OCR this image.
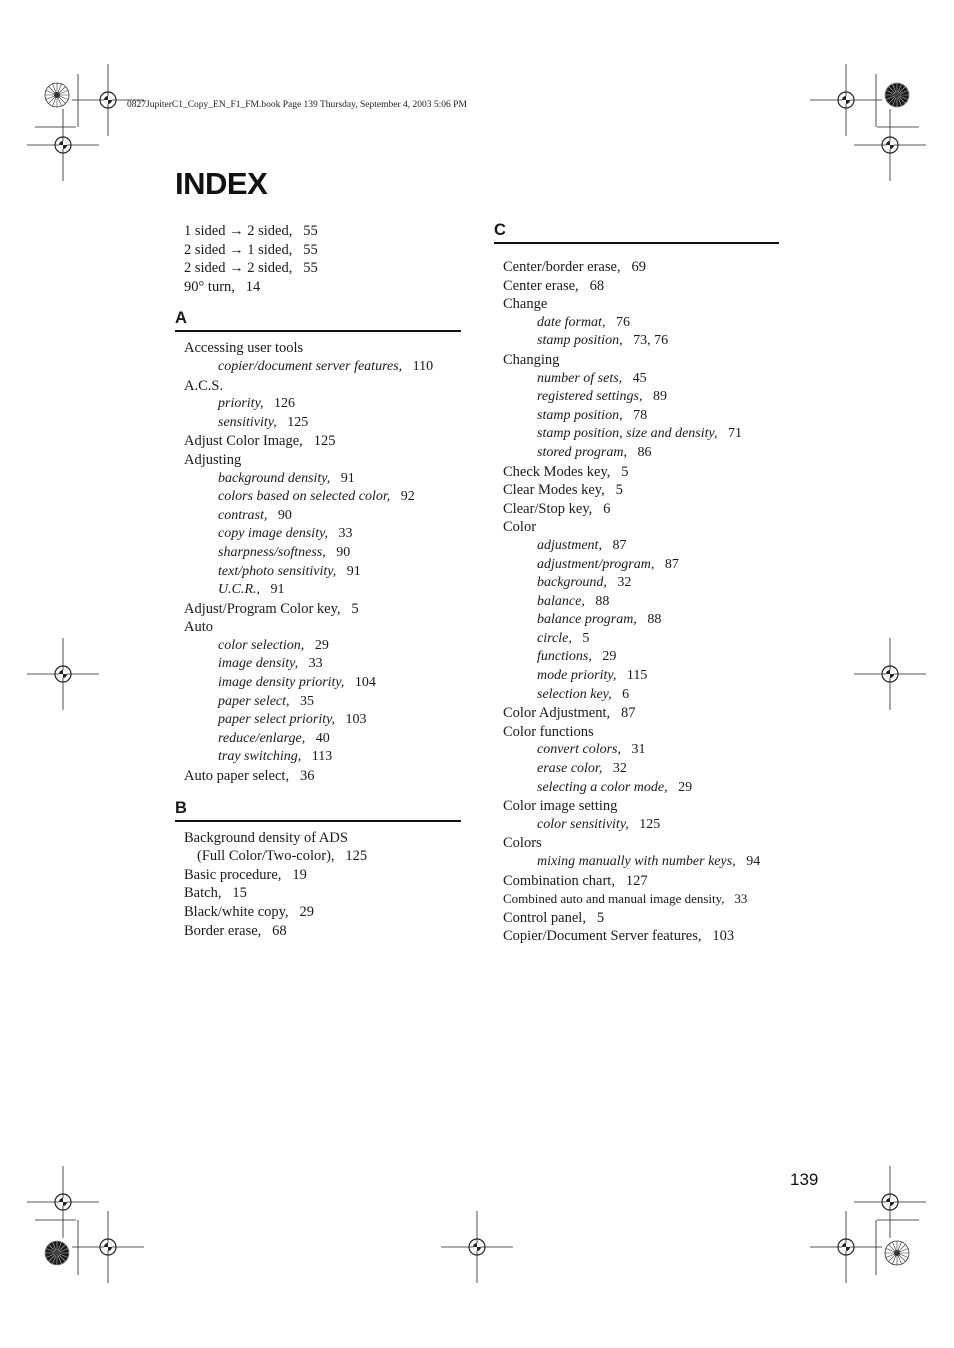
0827JupiterC1_Copy_EN_F1_FM.book Page 139 Thursday, September 4, 2003 5:06 PM
INDEX
1 sided → 2 sided, 55
2 sided → 1 sided, 55
2 sided → 2 sided, 55
90° turn, 14
A
Accessing user tools
copier/document server features, 110
A.C.S.
priority, 126
sensitivity, 125
Adjust Color Image, 125
Adjusting
background density, 91
colors based on selected color, 92
contrast, 90
copy image density, 33
sharpness/softness, 90
text/photo sensitivity, 91
U.C.R., 91
Adjust/Program Color key, 5
Auto
color selection, 29
image density, 33
image density priority, 104
paper select, 35
paper select priority, 103
reduce/enlarge, 40
tray switching, 113
Auto paper select, 36
B
Background density of ADS
(Full Color/Two-color), 125
Basic procedure, 19
Batch, 15
Black/white copy, 29
Border erase, 68
C
Center/border erase, 69
Center erase, 68
Change
date format, 76
stamp position, 73, 76
Changing
number of sets, 45
registered settings, 89
stamp position, 78
stamp position, size and density, 71
stored program, 86
Check Modes key, 5
Clear Modes key, 5
Clear/Stop key, 6
Color
adjustment, 87
adjustment/program, 87
background, 32
balance, 88
balance program, 88
circle, 5
functions, 29
mode priority, 115
selection key, 6
Color Adjustment, 87
Color functions
convert colors, 31
erase color, 32
selecting a color mode, 29
Color image setting
color sensitivity, 125
Colors
mixing manually with number keys, 94
Combination chart, 127
Combined auto and manual image density, 33
Control panel, 5
Copier/Document Server features, 103
139
